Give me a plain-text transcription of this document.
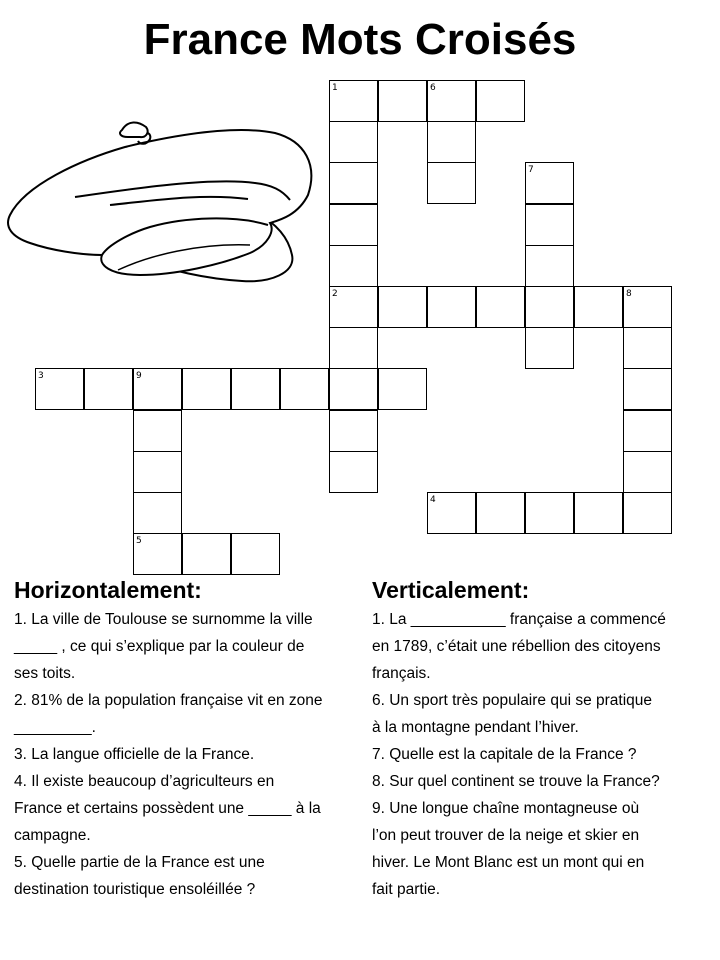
France Mots Croisés
1	6
7
2	8
3	9
4
5
Horizontalement:
1. La ville de Toulouse se surnomme la ville
_____ , ce qui s’explique par la couleur de
ses toits.
2. 81% de la population française vit en zone
_________.
3. La langue officielle de la France.
4. Il existe beaucoup d’agriculteurs en
France et certains possèdent une _____ à la
campagne.
5. Quelle partie de la France est une
destination touristique ensoléillée ?
Verticalement:
1. La ___________ française a commencé
en 1789, c’était une rébellion des citoyens
français.
6. Un sport très populaire qui se pratique
à la montagne pendant l’hiver.
7. Quelle est la capitale de la France ?
8. Sur quel continent se trouve la France?
9. Une longue chaîne montagneuse où
l’on peut trouver de la neige et skier en
hiver. Le Mont Blanc est un mont qui en
fait partie.
